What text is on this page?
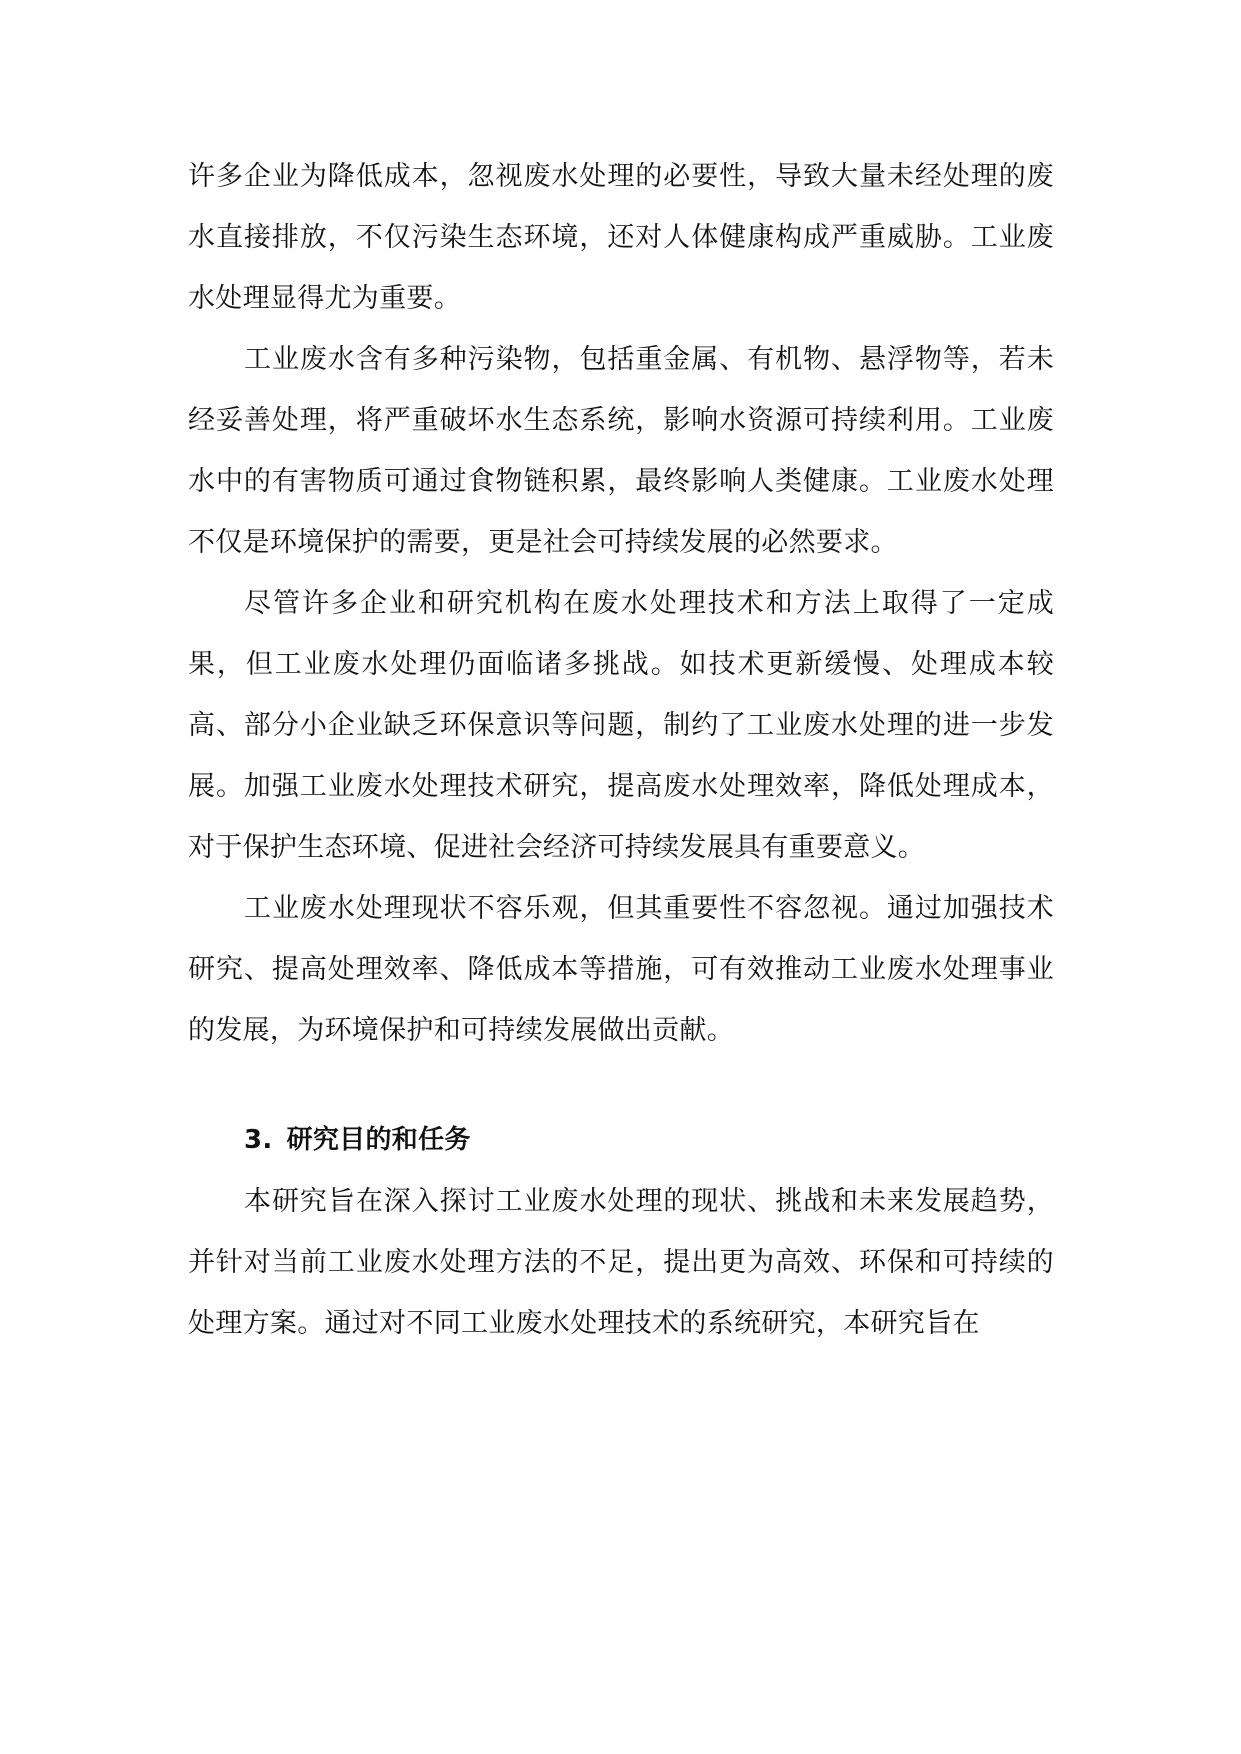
许多企业为降低成本，忽视废水处理的必要性，导致大量未经处理的废水直接排放，不仅污染生态环境，还对人体健康构成严重威胁。工业废水处理显得尤为重要。

工业废水含有多种污染物，包括重金属、有机物、悬浮物等，若未经妥善处理，将严重破坏水生态系统，影响水资源可持续利用。工业废水中的有害物质可通过食物链积累，最终影响人类健康。工业废水处理不仅是环境保护的需要，更是社会可持续发展的必然要求。

尽管许多企业和研究机构在废水处理技术和方法上取得了一定成果，但工业废水处理仍面临诸多挑战。如技术更新缓慢、处理成本较高、部分小企业缺乏环保意识等问题，制约了工业废水处理的进一步发展。加强工业废水处理技术研究，提高废水处理效率，降低处理成本，对于保护生态环境、促进社会经济可持续发展具有重要意义。

工业废水处理现状不容乐观，但其重要性不容忽视。通过加强技术研究、提高处理效率、降低成本等措施，可有效推动工业废水处理事业的发展，为环境保护和可持续发展做出贡献。

3. 研究目的和任务

本研究旨在深入探讨工业废水处理的现状、挑战和未来发展趋势，并针对当前工业废水处理方法的不足，提出更为高效、环保和可持续的处理方案。通过对不同工业废水处理技术的系统研究，本研究旨在
